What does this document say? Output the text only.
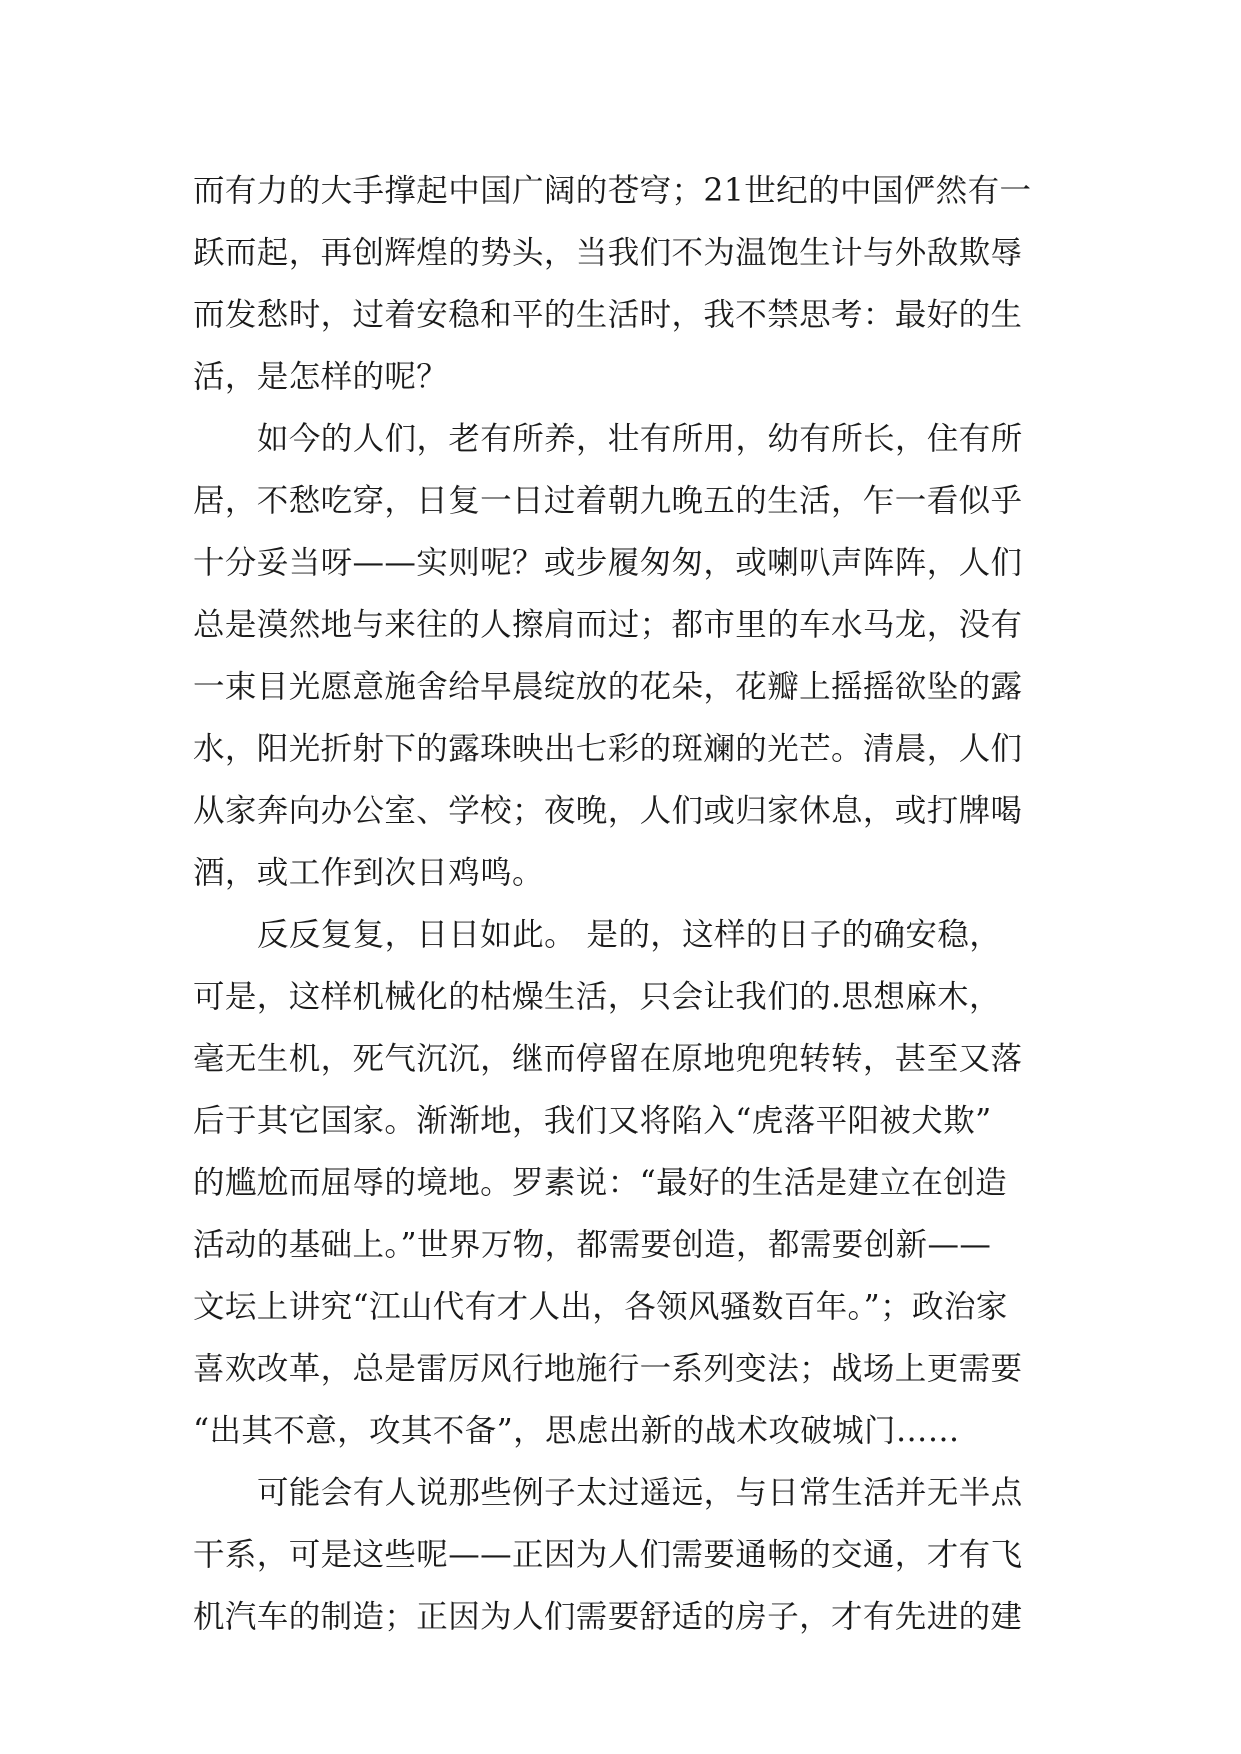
而有力的大手撑起中国广阔的苍穹；21世纪的中国俨然有一
跃而起，再创辉煌的势头，当我们不为温饱生计与外敌欺辱
而发愁时，过着安稳和平的生活时，我不禁思考：最好的生
活，是怎样的呢？
如今的人们，老有所养，壮有所用，幼有所长，住有所
居，不愁吃穿，日复一日过着朝九晚五的生活，乍一看似乎
十分妥当呀——实则呢？或步履匆匆，或喇叭声阵阵，人们
总是漠然地与来往的人擦肩而过；都市里的车水马龙，没有
一束目光愿意施舍给早晨绽放的花朵，花瓣上摇摇欲坠的露
水，阳光折射下的露珠映出七彩的斑斓的光芒。清晨，人们
从家奔向办公室、学校；夜晚，人们或归家休息，或打牌喝
酒，或工作到次日鸡鸣。
反反复复，日日如此。 是的，这样的日子的确安稳，
可是，这样机械化的枯燥生活，只会让我们的.思想麻木，
毫无生机，死气沉沉，继而停留在原地兜兜转转，甚至又落
后于其它国家。渐渐地，我们又将陷入“虎落平阳被犬欺”
的尴尬而屈辱的境地。罗素说：“最好的生活是建立在创造
活动的基础上。”世界万物，都需要创造，都需要创新——
文坛上讲究“江山代有才人出，各领风骚数百年。”；政治家
喜欢改革，总是雷厉风行地施行一系列变法；战场上更需要
“出其不意，攻其不备”，思虑出新的战术攻破城门……
可能会有人说那些例子太过遥远，与日常生活并无半点
干系，可是这些呢——正因为人们需要通畅的交通，才有飞
机汽车的制造；正因为人们需要舒适的房子，才有先进的建
